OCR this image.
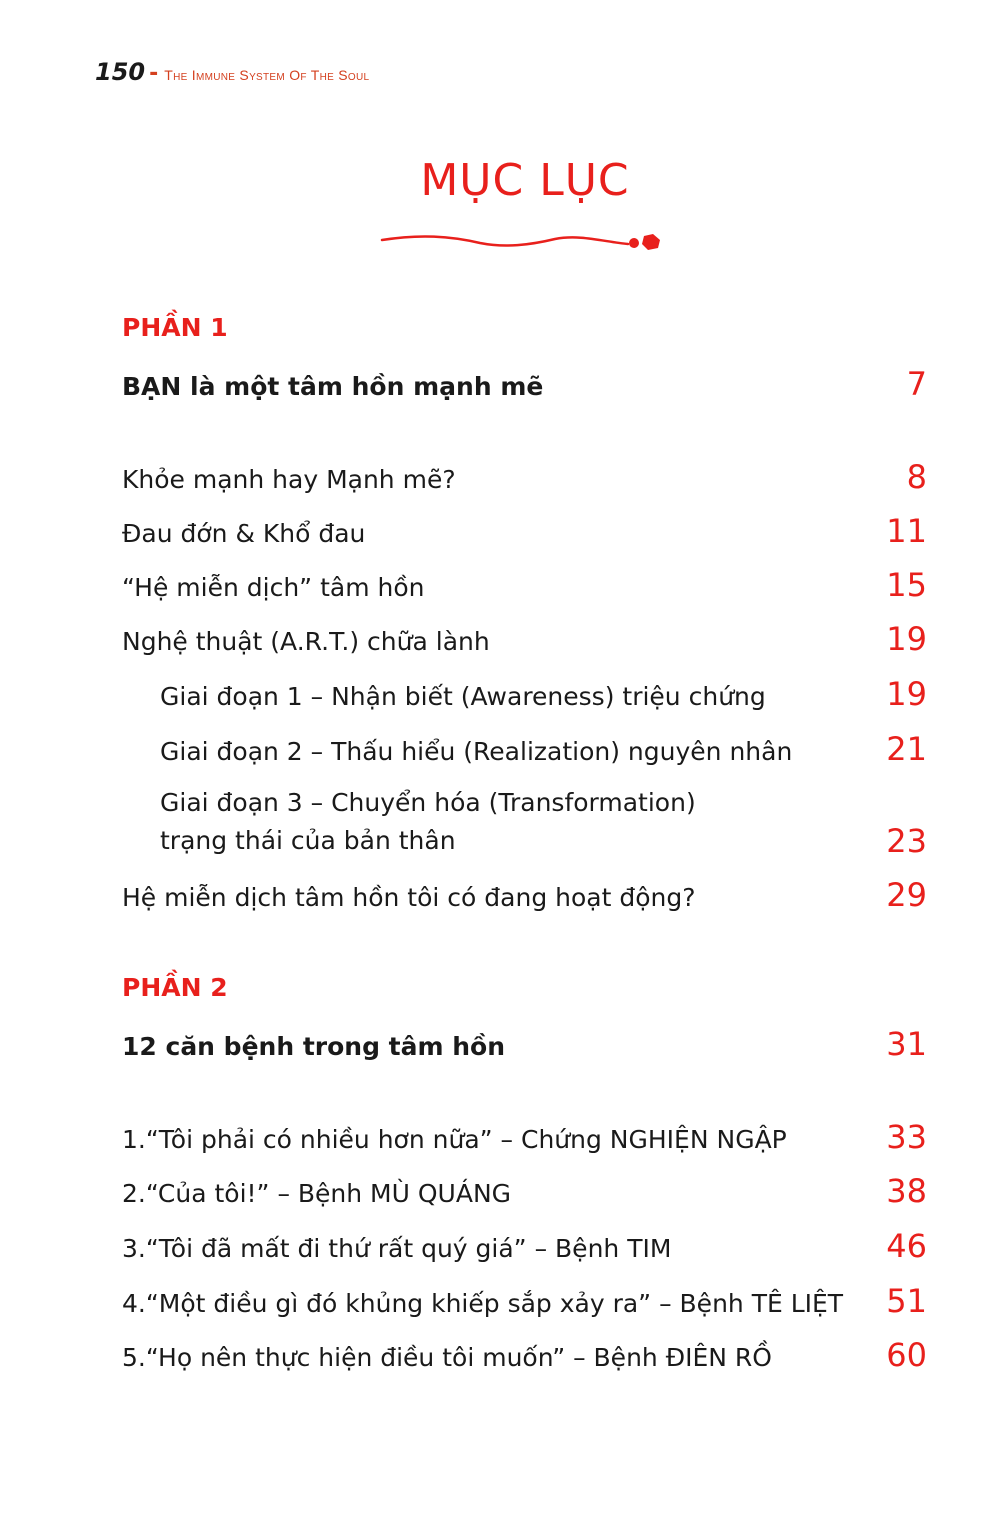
150 - The Immune System Of The Soul
MỤC LỤC
PHẦN 1
BẠN là một tâm hồn mạnh mẽ	7
Khỏe mạnh hay Mạnh mẽ?	8
Đau đớn & Khổ đau	11
“Hệ miễn dịch” tâm hồn	15
Nghệ thuật (A.R.T.) chữa lành	19
Giai đoạn 1 – Nhận biết (Awareness) triệu chứng	19
Giai đoạn 2 – Thấu hiểu (Realization) nguyên nhân	21
Giai đoạn 3 – Chuyển hóa (Transformation)
trạng thái của bản thân	23
Hệ miễn dịch tâm hồn tôi có đang hoạt động?	29
PHẦN 2
12 căn bệnh trong tâm hồn	31
1.“Tôi phải có nhiều hơn nữa” – Chứng NGHIỆN NGẬP	33
2.“Của tôi!” – Bệnh MÙ QUÁNG	38
3.“Tôi đã mất đi thứ rất quý giá” – Bệnh TIM	46
4.“Một điều gì đó khủng khiếp sắp xảy ra” – Bệnh TÊ LIỆT	51
5.“Họ nên thực hiện điều tôi muốn” – Bệnh ĐIÊN RỒ	60
